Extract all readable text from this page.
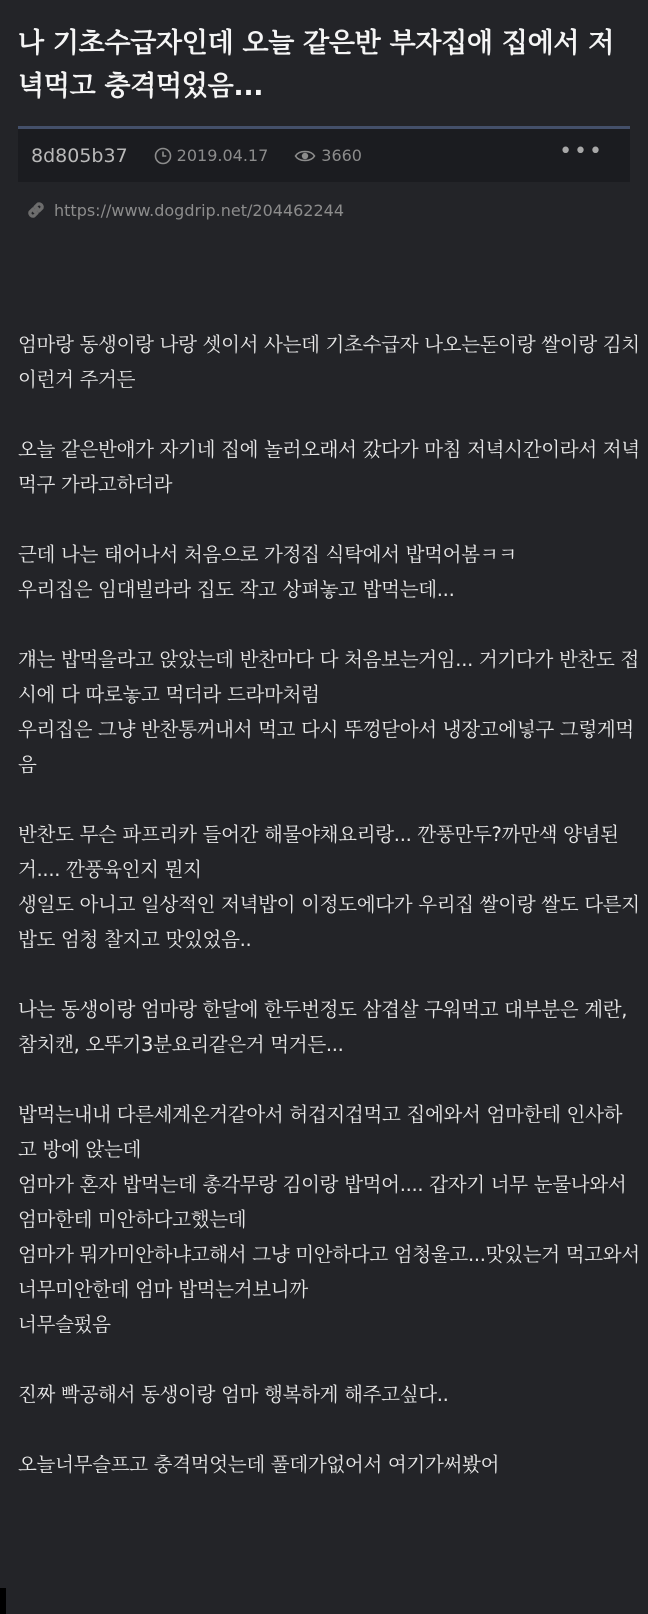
나 기초수급자인데 오늘 같은반 부자집애 집에서 저녁먹고 충격먹었음...
8d805b37	2019.04.17	3660	•••
https://www.dogdrip.net/204462244

엄마랑 동생이랑 나랑 셋이서 사는데 기초수급자 나오는돈이랑 쌀이랑 김치 이런거 주거든

오늘 같은반애가 자기네 집에 놀러오래서 갔다가 마침 저녁시간이라서 저녁먹구 가라고하더라

근데 나는 태어나서 처음으로 가정집 식탁에서 밥먹어봄ㅋㅋ
우리집은 임대빌라라 집도 작고 상펴놓고 밥먹는데...

걔는 밥먹을라고 앉았는데 반찬마다 다 처음보는거임... 거기다가 반찬도 접시에 다 따로놓고 먹더라 드라마처럼
우리집은 그냥 반찬통꺼내서 먹고 다시 뚜껑닫아서 냉장고에넣구 그렇게먹음

반찬도 무슨 파프리카 들어간 해물야채요리랑... 깐풍만두?까만색 양념된거.... 깐풍육인지 뭔지
생일도 아니고 일상적인 저녁밥이 이정도에다가 우리집 쌀이랑 쌀도 다른지 밥도 엄청 찰지고 맛있었음..

나는 동생이랑 엄마랑 한달에 한두번정도 삼겹살 구워먹고 대부분은 계란, 참치캔, 오뚜기3분요리같은거 먹거든...

밥먹는내내 다른세계온거같아서 허겁지겁먹고 집에와서 엄마한테 인사하고 방에 앉는데
엄마가 혼자 밥먹는데 총각무랑 김이랑 밥먹어.... 갑자기 너무 눈물나와서 엄마한테 미안하다고했는데
엄마가 뭐가미안하냐고해서 그냥 미안하다고 엄청울고...맛있는거 먹고와서 너무미안한데 엄마 밥먹는거보니까
너무슬펐음

진짜 빡공해서 동생이랑 엄마 행복하게 해주고싶다..

오늘너무슬프고 충격먹엇는데 풀데가없어서 여기가써봤어
